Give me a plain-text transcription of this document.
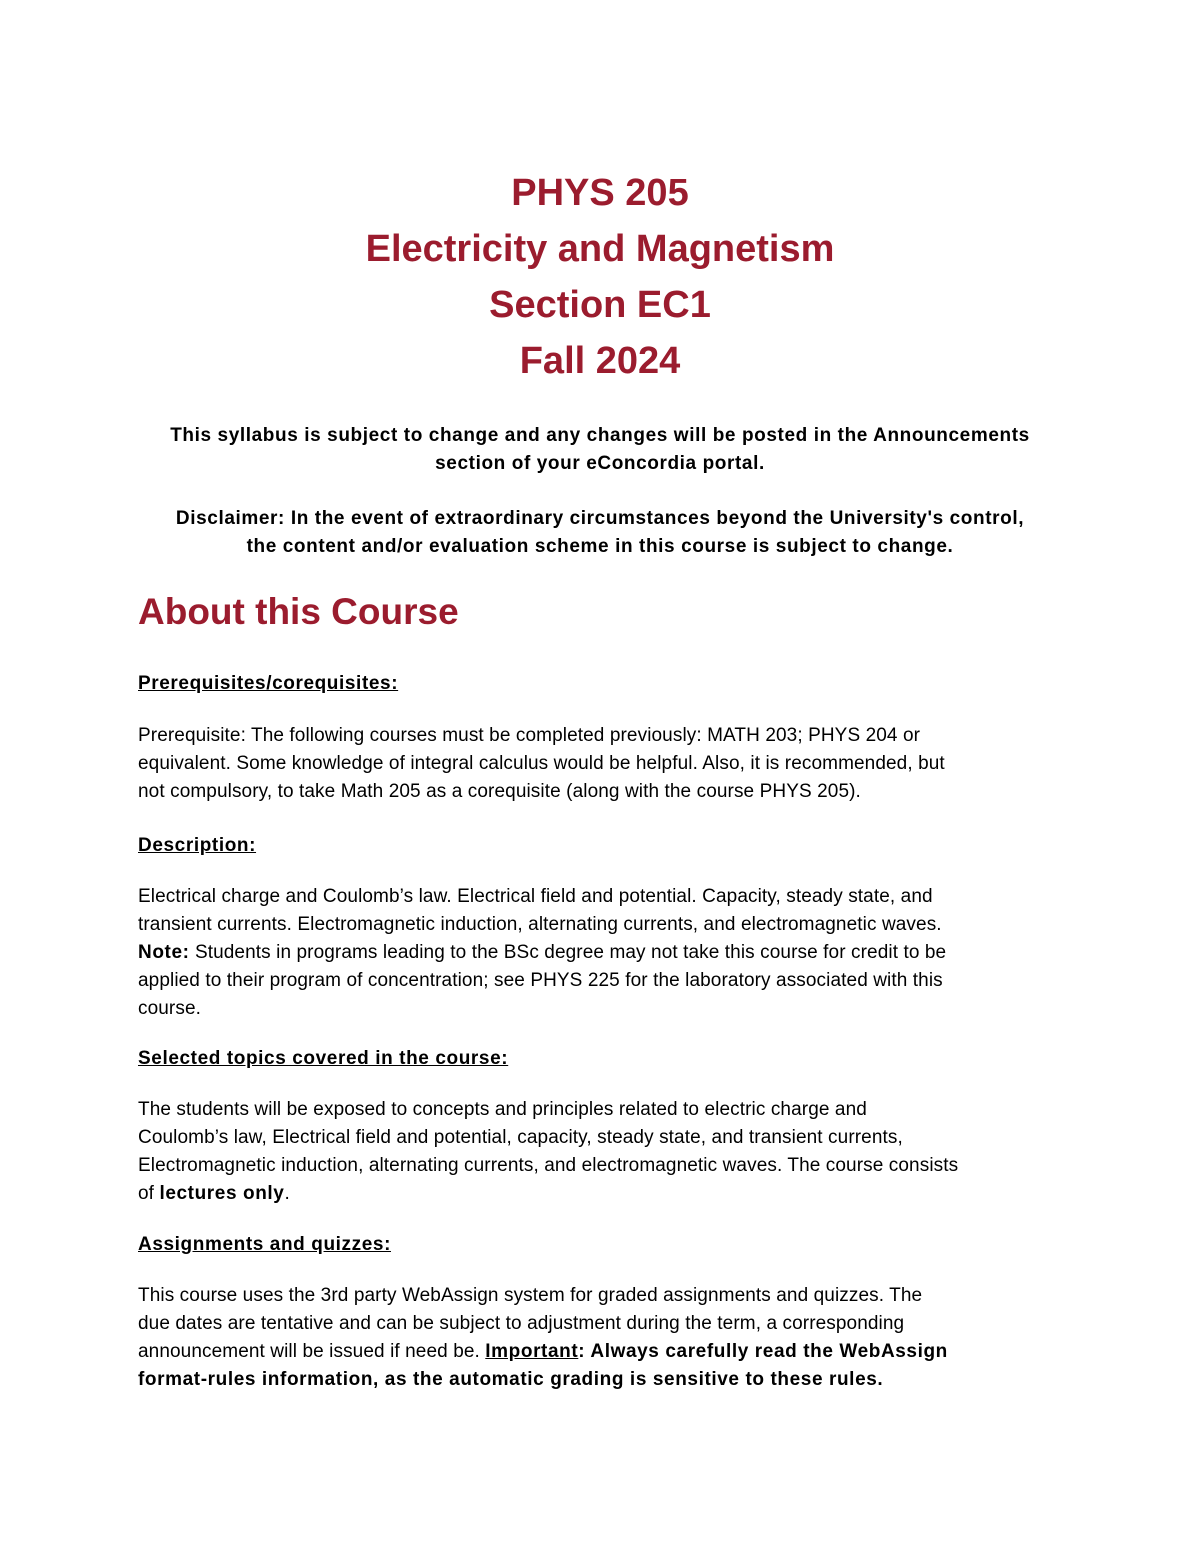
PHYS 205
Electricity and Magnetism
Section EC1
Fall 2024
This syllabus is subject to change and any changes will be posted in the Announcements
section of your eConcordia portal.
Disclaimer: In the event of extraordinary circumstances beyond the University's control,
the content and/or evaluation scheme in this course is subject to change.
About this Course
Prerequisites/corequisites:
Prerequisite: The following courses must be completed previously: MATH 203; PHYS 204 or
equivalent. Some knowledge of integral calculus would be helpful. Also, it is recommended, but
not compulsory, to take Math 205 as a corequisite (along with the course PHYS 205).
Description:
Electrical charge and Coulomb’s law. Electrical field and potential. Capacity, steady state, and
transient currents. Electromagnetic induction, alternating currents, and electromagnetic waves.
Note: Students in programs leading to the BSc degree may not take this course for credit to be
applied to their program of concentration; see PHYS 225 for the laboratory associated with this
course.
Selected topics covered in the course:
The students will be exposed to concepts and principles related to electric charge and
Coulomb’s law, Electrical field and potential, capacity, steady state, and transient currents,
Electromagnetic induction, alternating currents, and electromagnetic waves. The course consists
of lectures only.
Assignments and quizzes:
This course uses the 3rd party WebAssign system for graded assignments and quizzes. The
due dates are tentative and can be subject to adjustment during the term, a corresponding
announcement will be issued if need be. Important: Always carefully read the WebAssign
format-rules information, as the automatic grading is sensitive to these rules.
